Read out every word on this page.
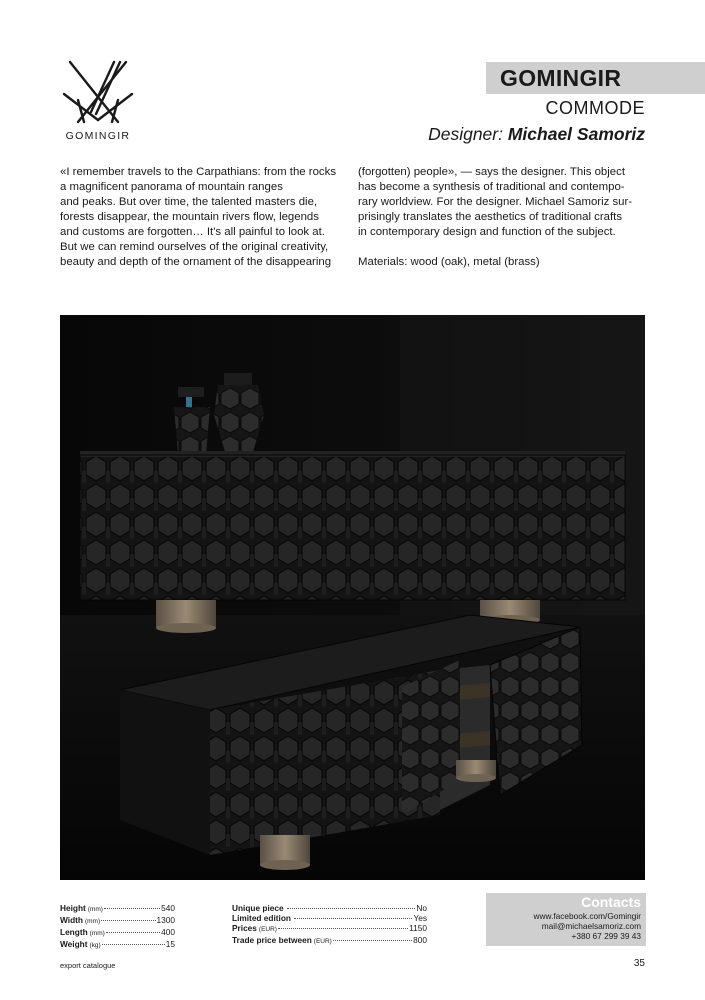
GOMINGIR
GOMINGIR
COMMODE
Designer: Michael Samoriz

«I remember travels to the Carpathians: from the rocks
a magnificent panorama of mountain ranges
and peaks. But over time, the talented masters die,
forests disappear, the mountain rivers flow, legends
and customs are forgotten… It's all painful to look at.
But we can remind ourselves of the original creativity,
beauty and depth of the ornament of the disappearing

(forgotten) people», — says the designer. This object
has become a synthesis of traditional and contempo-
rary worldview. For the designer. Michael Samoriz sur-
prisingly translates the aesthetics of traditional crafts
in contemporary design and function of the subject.

Materials: wood (oak), metal (brass)

Height (mm)	540
Width (mm)	1300
Length (mm)	400
Weight (kg)	15
Unique piece	No
Limited edition	Yes
Prices (EUR)	1150
Trade price between (EUR)	800
Contacts
www.facebook.com/Gomingir
mail@michaelsamoriz.com
+380 67 299 39 43
export catalogue	35
